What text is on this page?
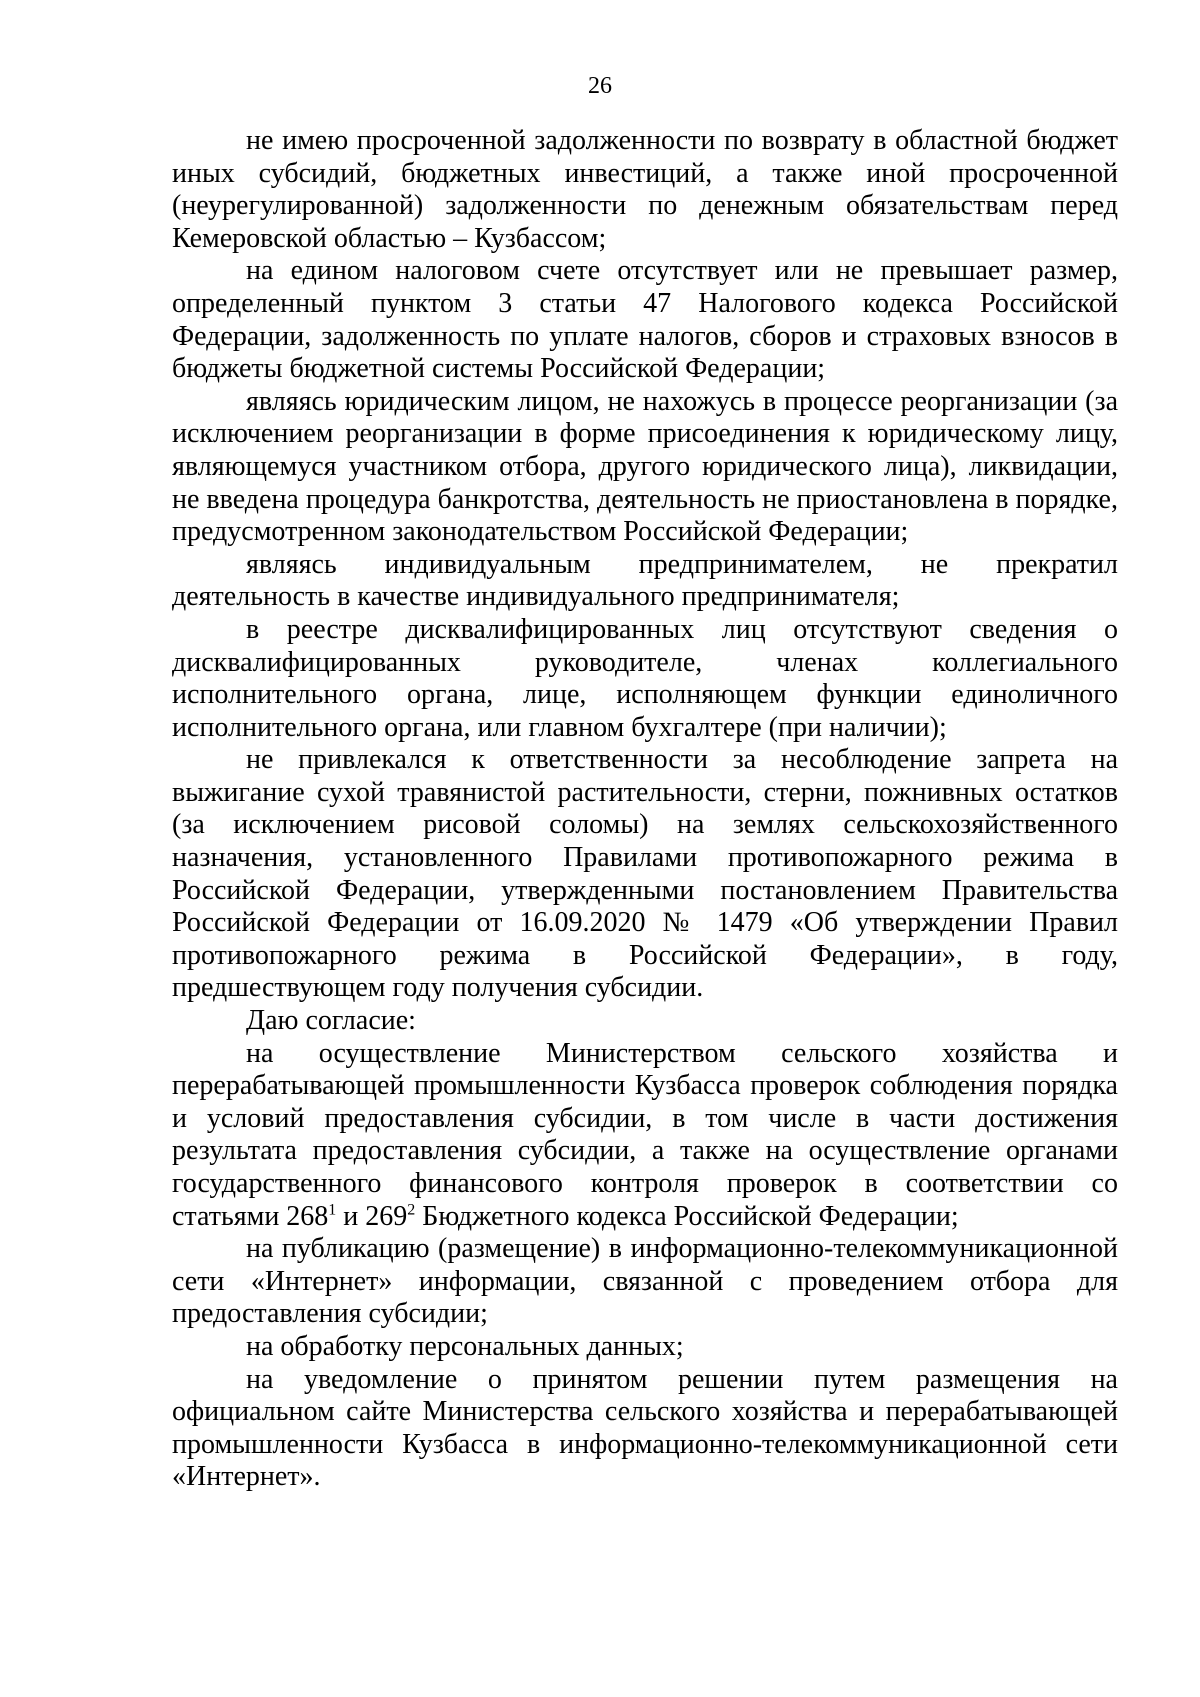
26

не имею просроченной задолженности по возврату в областной бюджет иных субсидий, бюджетных инвестиций, а также иной просроченной (неурегулированной) задолженности по денежным обязательствам перед Кемеровской областью – Кузбассом;

на едином налоговом счете отсутствует или не превышает размер, определенный пунктом 3 статьи 47 Налогового кодекса Российской Федерации, задолженность по уплате налогов, сборов и страховых взносов в бюджеты бюджетной системы Российской Федерации;

являясь юридическим лицом, не нахожусь в процессе реорганизации (за исключением реорганизации в форме присоединения к юридическому лицу, являющемуся участником отбора, другого юридического лица), ликвидации, не введена процедура банкротства, деятельность не приостановлена в порядке, предусмотренном законодательством Российской Федерации;

являясь индивидуальным предпринимателем, не прекратил деятельность в качестве индивидуального предпринимателя;

в реестре дисквалифицированных лиц отсутствуют сведения о дисквалифицированных руководителе, членах коллегиального исполнительного органа, лице, исполняющем функции единоличного исполнительного органа, или главном бухгалтере (при наличии);

не привлекался к ответственности за несоблюдение запрета на выжигание сухой травянистой растительности, стерни, пожнивных остатков (за исключением рисовой соломы) на землях сельскохозяйственного назначения, установленного Правилами противопожарного режима в Российской Федерации, утвержденными постановлением Правительства Российской Федерации от 16.09.2020 № 1479 «Об утверждении Правил противопожарного режима в Российской Федерации», в году, предшествующем году получения субсидии.

Даю согласие:

на осуществление Министерством сельского хозяйства и перерабатывающей промышленности Кузбасса проверок соблюдения порядка и условий предоставления субсидии, в том числе в части достижения результата предоставления субсидии, а также на осуществление органами государственного финансового контроля проверок в соответствии со

статьями $268^1$ и $269^2$ Бюджетного кодекса Российской Федерации;

на публикацию (размещение) в информационно-телекоммуникационной сети «Интернет» информации, связанной с проведением отбора для предоставления субсидии;

на обработку персональных данных;

на уведомление о принятом решении путем размещения на официальном сайте Министерства сельского хозяйства и перерабатывающей промышленности Кузбасса в информационно-телекоммуникационной сети «Интернет».
